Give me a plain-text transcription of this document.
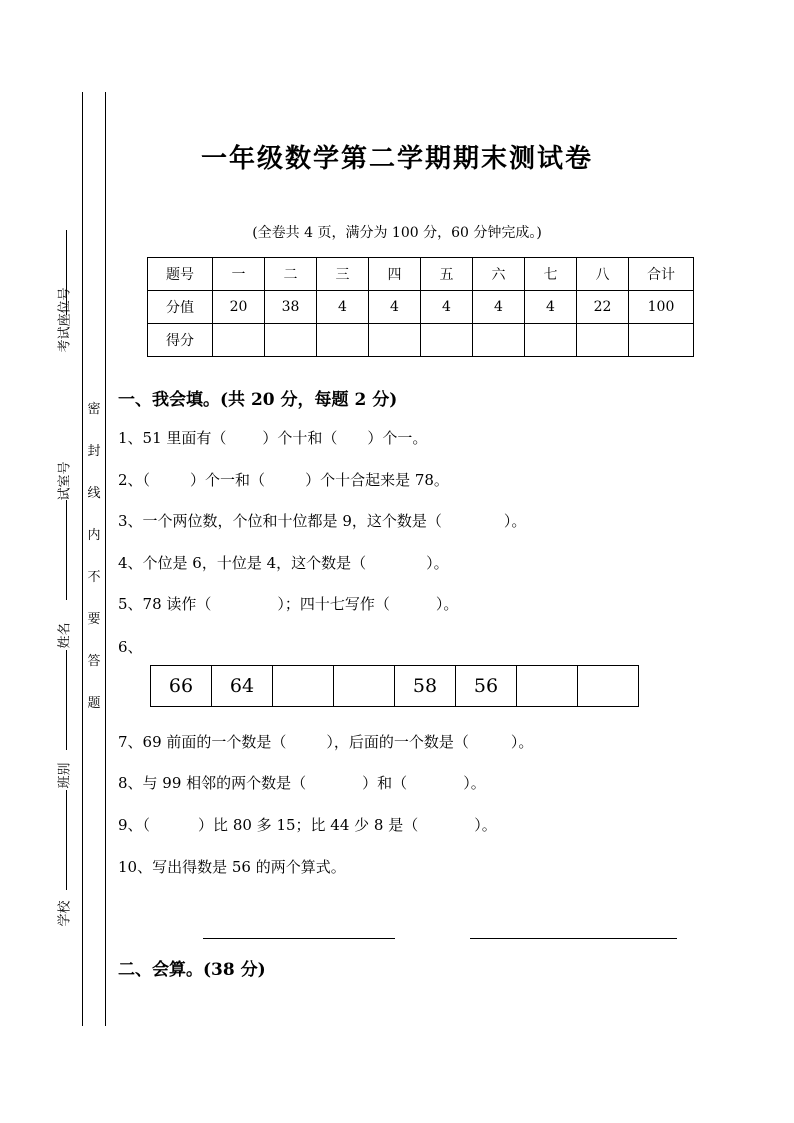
考试座位号
试室号
姓名
班别
学校
密
封
线
内
不
要
答
题
一年级数学第二学期期末测试卷
(全卷共 4 页，满分为 100 分，60 分钟完成。)
题号	一	二	三	四	五	六	七	八	合计
分值	20	38	4	4	4	4	4	22	100
得分									
一、我会填。(共 20 分，每题 2 分)
1、51 里面有（ ）个十和（ ）个一。
2、（	）个一和（	）个十合起来是 78。
3、一个两位数，个位和十位都是 9，这个数是（	）。
4、个位是 6，十位是 4，这个数是（	）。
5、78 读作（	）；四十七写作（	）。
6、
66	64			58	56		
7、69 前面的一个数是（	），后面的一个数是（	）。
8、与 99 相邻的两个数是（	）和（	）。
9、（	）比 80 多 15；比 44 少 8 是（	）。
10、写出得数是 56 的两个算式。
二、会算。(38 分)
